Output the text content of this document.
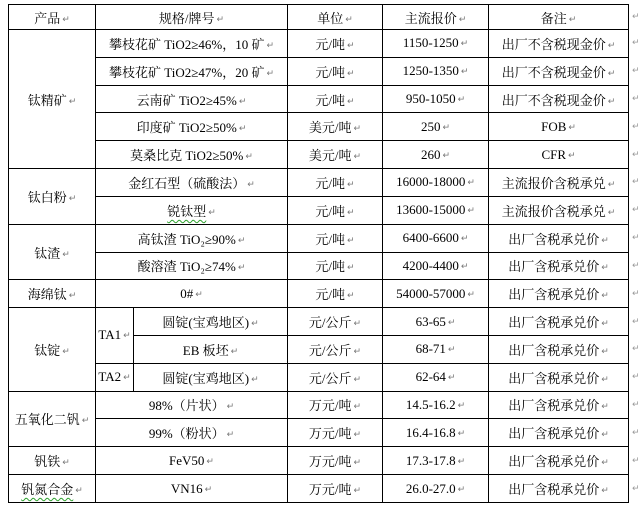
产品 ↵	规格/牌号 ↵		单位 ↵	主流报价 ↵	备注 ↵	↵
钛精矿 ↵	攀枝花矿 TiO2≥46%，10 矿 ↵		元/吨 ↵	1150-1250 ↵	出厂不含税现金价 ↵	↵
	攀枝花矿 TiO2≥47%，20 矿 ↵		元/吨 ↵	1250-1350 ↵	出厂不含税现金价 ↵	↵
	云南矿 TiO2≥45% ↵		元/吨 ↵	950-1050 ↵	出厂不含税现金价 ↵	↵
	印度矿 TiO2≥50% ↵		美元/吨 ↵	250 ↵	FOB ↵	↵
	莫桑比克 TiO2≥50% ↵		美元/吨 ↵	260 ↵	CFR ↵	↵
钛白粉 ↵	金红石型（硫酸法） ↵		元/吨 ↵	16000-18000 ↵	主流报价含税承兑 ↵	↵
	锐钛型 ↵		元/吨 ↵	13600-15000 ↵	主流报价含税承兑 ↵	↵
钛渣 ↵	高钛渣 TiO₂≥90% ↵		元/吨 ↵	6400-6600 ↵	出厂含税承兑价 ↵	↵
	酸溶渣 TiO₂≥74% ↵		元/吨 ↵	4200-4400 ↵	出厂含税承兑价 ↵	↵
海绵钛 ↵	0# ↵		元/吨 ↵	54000-57000 ↵	出厂含税承兑价 ↵	↵
钛锭 ↵	TA1 ↵	圆锭(宝鸡地区) ↵	元/公斤 ↵	63-65 ↵	出厂含税承兑价 ↵	↵
		EB 板坯 ↵	元/公斤 ↵	68-71 ↵	出厂含税承兑价 ↵	↵
	TA2 ↵	圆锭(宝鸡地区) ↵	元/公斤 ↵	62-64 ↵	出厂含税承兑价 ↵	↵
五氧化二钒 ↵	98%（片状） ↵		万元/吨 ↵	14.5-16.2 ↵	出厂含税承兑价 ↵	↵
	99%（粉状） ↵		万元/吨 ↵	16.4-16.8 ↵	出厂含税承兑价 ↵	↵
钒铁 ↵	FeV50 ↵		万元/吨 ↵	17.3-17.8 ↵	出厂含税承兑价 ↵	↵
钒氮合金 ↵	VN16 ↵		万元/吨 ↵	26.0-27.0 ↵	出厂含税承兑价 ↵	↵
